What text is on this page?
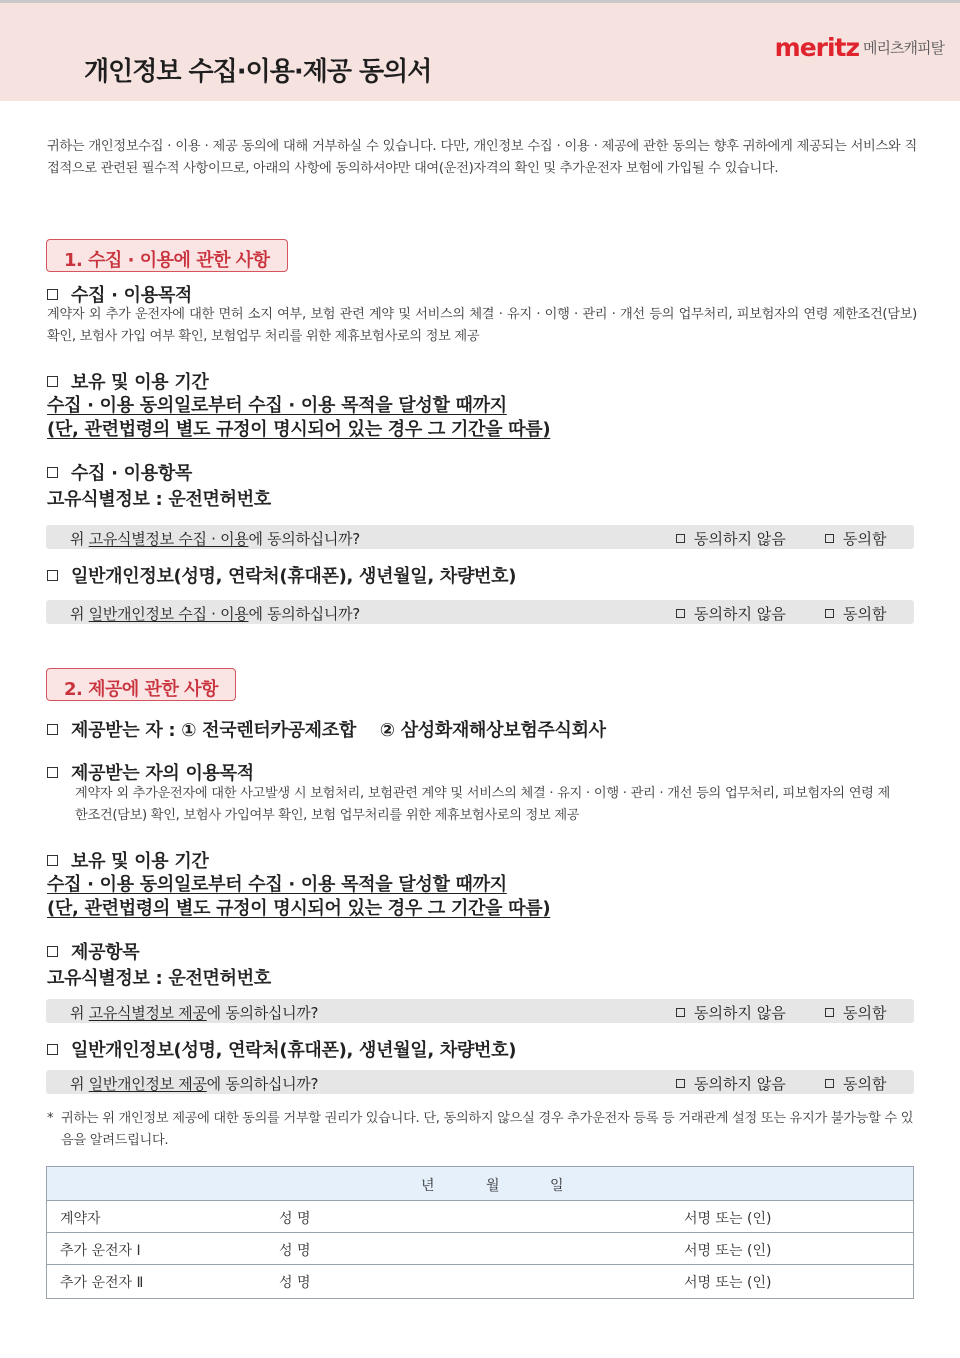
개인정보 수집·이용·제공 동의서
meritz 메리츠캐피탈
귀하는 개인정보수집 · 이용 · 제공 동의에 대해 거부하실 수 있습니다. 다만, 개인정보 수집 · 이용 · 제공에 관한 동의는 향후 귀하에게 제공되는 서비스와 직접적으로 관련된 필수적 사항이므로, 아래의 사항에 동의하셔야만 대여(운전)자격의 확인 및 추가운전자 보험에 가입될 수 있습니다.
1. 수집 · 이용에 관한 사항
수집 · 이용목적
계약자 외 추가 운전자에 대한 면허 소지 여부, 보험 관련 계약 및 서비스의 체결 · 유지 · 이행 · 관리 · 개선 등의 업무처리, 피보험자의 연령 제한조건(담보) 확인, 보험사 가입 여부 확인, 보험업무 처리를 위한 제휴보험사로의 정보 제공
보유 및 이용 기간
수집 · 이용 동의일로부터 수집 · 이용 목적을 달성할 때까지
(단, 관련법령의 별도 규정이 명시되어 있는 경우 그 기간을 따름)
수집 · 이용항목
고유식별정보 : 운전면허번호
위 고유식별정보 수집 · 이용에 동의하십니까?	동의하지 않음	동의함
일반개인정보(성명, 연락처(휴대폰), 생년월일, 차량번호)
위 일반개인정보 수집 · 이용에 동의하십니까?	동의하지 않음	동의함
2. 제공에 관한 사항
제공받는 자 : ① 전국렌터카공제조합    ② 삼성화재해상보험주식회사
제공받는 자의 이용목적
계약자 외 추가운전자에 대한 사고발생 시 보험처리, 보험관련 계약 및 서비스의 체결 · 유지 · 이행 · 관리 · 개선 등의 업무처리, 피보험자의 연령 제한조건(담보) 확인, 보험사 가입여부 확인, 보험 업무처리를 위한 제휴보험사로의 정보 제공
보유 및 이용 기간
수집 · 이용 동의일로부터 수집 · 이용 목적을 달성할 때까지
(단, 관련법령의 별도 규정이 명시되어 있는 경우 그 기간을 따름)
제공항목
고유식별정보 : 운전면허번호
위 고유식별정보 제공에 동의하십니까?	동의하지 않음	동의함
일반개인정보(성명, 연락처(휴대폰), 생년월일, 차량번호)
위 일반개인정보 제공에 동의하십니까?	동의하지 않음	동의함
* 귀하는 위 개인정보 제공에 대한 동의를 거부할 권리가 있습니다. 단, 동의하지 않으실 경우 추가운전자 등록 등 거래관계 설정 또는 유지가 불가능할 수 있음을 알려드립니다.
년	월	일
계약자	성 명	서명 또는 (인)
추가 운전자 Ⅰ	성 명	서명 또는 (인)
추가 운전자 Ⅱ	성 명	서명 또는 (인)
